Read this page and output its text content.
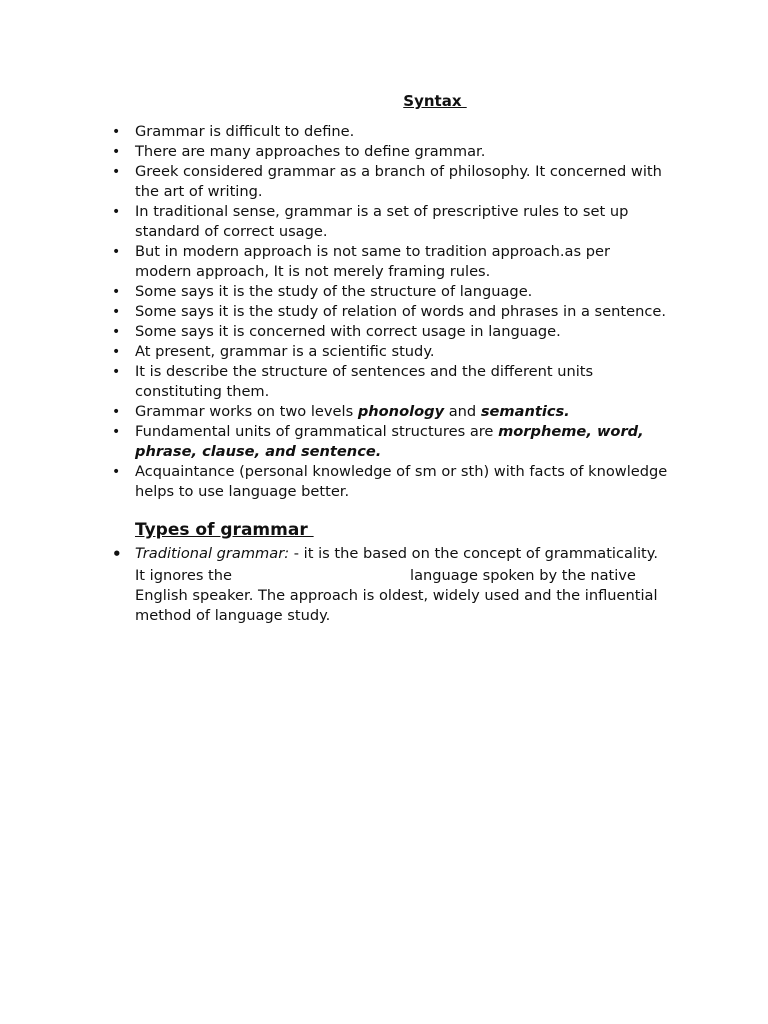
Syntax
• Grammar is difficult to define.
• There are many approaches to define grammar.
• Greek considered grammar as a branch of philosophy. It concerned with the art of writing.
• In traditional sense, grammar is a set of prescriptive rules to set up standard of correct usage.
• But in modern approach is not same to tradition approach.as per modern approach, It is not merely framing rules.
• Some says it is the study of the structure of language.
• Some says it is the study of relation of words and phrases in a sentence.
• Some says it is concerned with correct usage in language.
• At present, grammar is a scientific study.
• It is describe the structure of sentences and the different units constituting them.
• Grammar works on two levels phonology and semantics.
• Fundamental units of grammatical structures are morpheme, word, phrase, clause, and sentence.
• Acquaintance (personal knowledge of sm or sth) with facts of knowledge helps to use language better.
Types of grammar
• Traditional grammar: - it is the based on the concept of grammaticality.
It ignores the	language spoken by the native English speaker. The approach is oldest, widely used and the influential method of language study.
